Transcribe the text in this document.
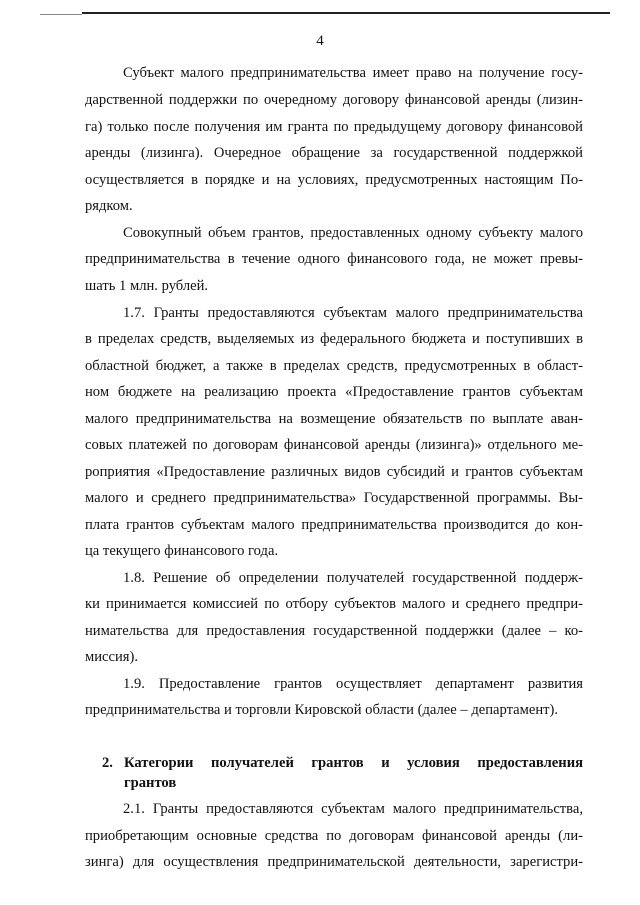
4
Субъект малого предпринимательства имеет право на получение госу-
дарственной поддержки по очередному договору финансовой аренды (лизин-
га) только после получения им гранта по предыдущему договору финансовой
аренды (лизинга). Очередное обращение за государственной поддержкой
осуществляется в порядке и на условиях, предусмотренных настоящим По-
рядком.
Совокупный объем грантов, предоставленных одному субъекту малого
предпринимательства в течение одного финансового года, не может превы-
шать 1 млн. рублей.
1.7. Гранты предоставляются субъектам малого предпринимательства
в пределах средств, выделяемых из федерального бюджета и поступивших в
областной бюджет, а также в пределах средств, предусмотренных в област-
ном бюджете на реализацию проекта «Предоставление грантов субъектам
малого предпринимательства на возмещение обязательств по выплате аван-
совых платежей по договорам финансовой аренды (лизинга)» отдельного ме-
роприятия «Предоставление различных видов субсидий и грантов субъектам
малого и среднего предпринимательства» Государственной программы. Вы-
плата грантов субъектам малого предпринимательства производится до кон-
ца текущего финансового года.
1.8. Решение об определении получателей государственной поддерж-
ки принимается комиссией по отбору субъектов малого и среднего предпри-
нимательства для предоставления государственной поддержки (далее – ко-
миссия).
1.9. Предоставление грантов осуществляет департамент развития
предпринимательства и торговли Кировской области (далее – департамент).
2. Категории получателей грантов и условия предоставления
грантов
2.1. Гранты предоставляются субъектам малого предпринимательства,
приобретающим основные средства по договорам финансовой аренды (ли-
зинга) для осуществления предпринимательской деятельности, зарегистри-
